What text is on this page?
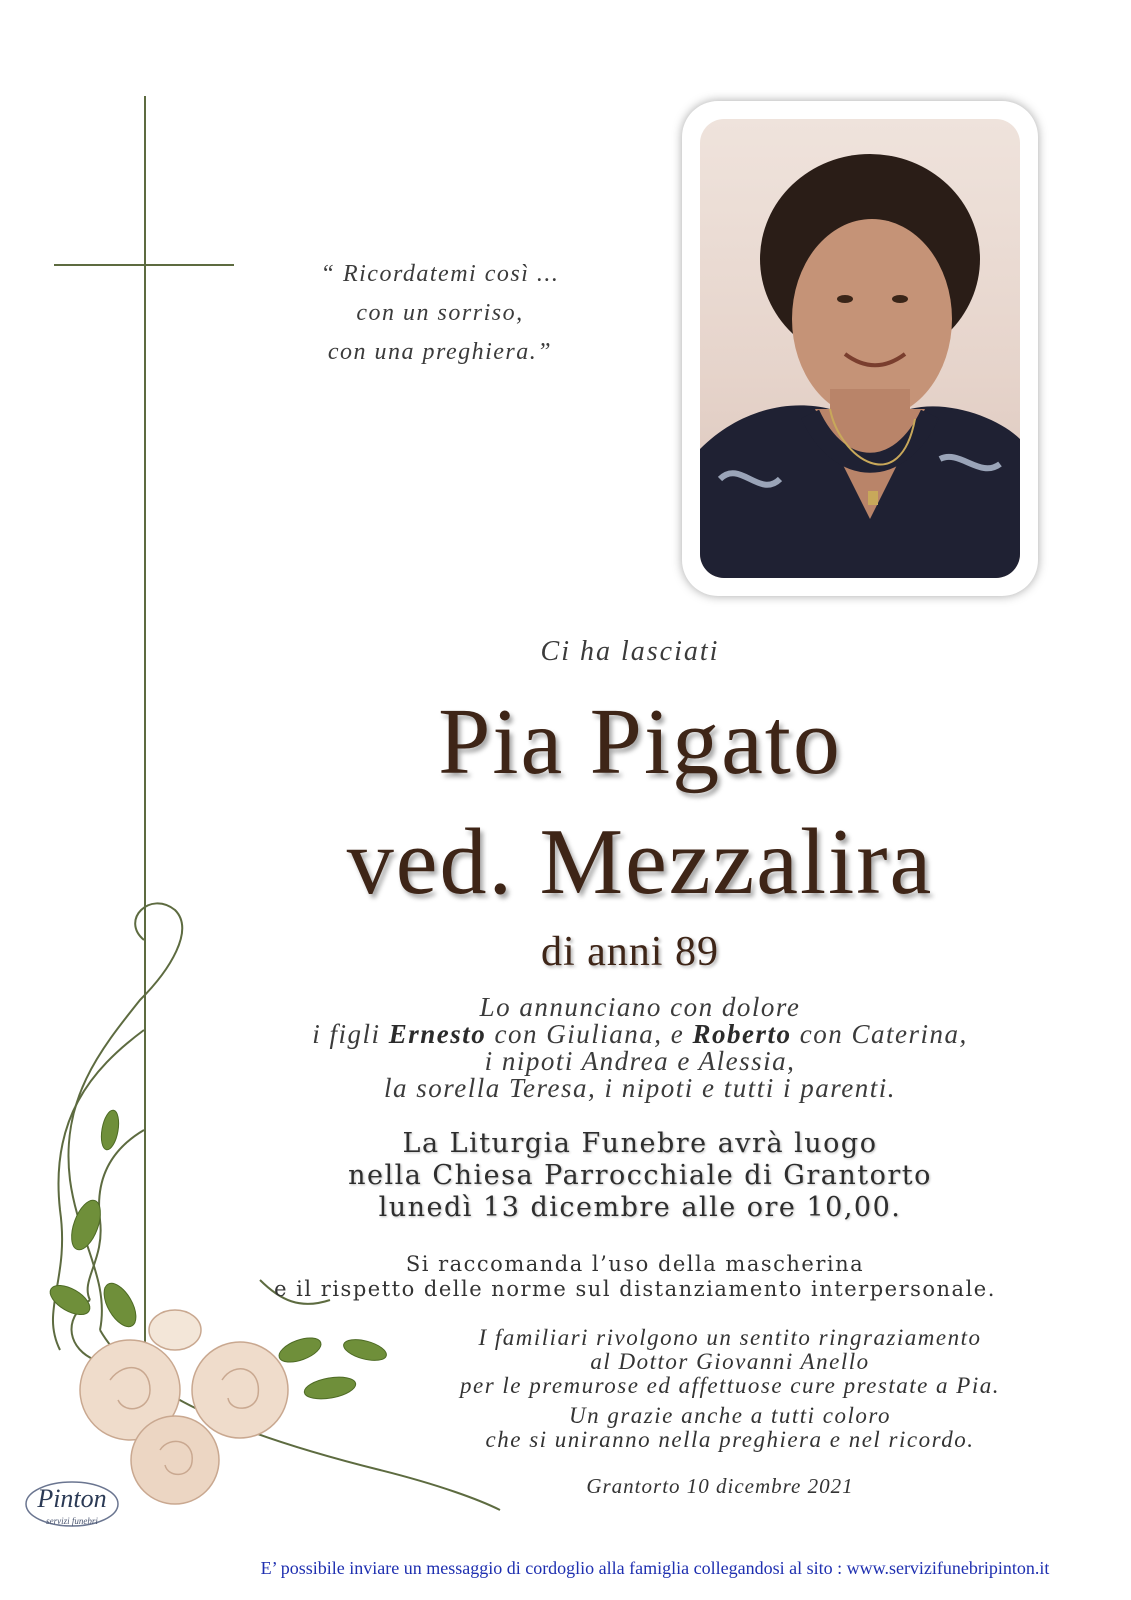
“ Ricordatemi così ...
con un sorriso,
con una preghiera.”
Ci ha lasciati
Pia Pigato
ved. Mezzalira
di anni 89
Lo annunciano con dolore
i figli Ernesto con Giuliana, e Roberto con Caterina,
i nipoti Andrea e Alessia,
la sorella Teresa, i nipoti e tutti i parenti.
La Liturgia Funebre avrà luogo
nella Chiesa Parrocchiale di Grantorto
lunedì 13 dicembre alle ore 10,00.
Si raccomanda l’uso della mascherina
e il rispetto delle norme sul distanziamento interpersonale.
I familiari rivolgono un sentito ringraziamento
al Dottor Giovanni Anello
per le premurose ed affettuose cure prestate a Pia.
Un grazie anche a tutti coloro
che si uniranno nella preghiera e nel ricordo.
Grantorto 10 dicembre 2021
Pinton
servizi funebri
E’ possibile inviare un messaggio di cordoglio alla famiglia collegandosi al sito : www.servizifunebripinton.it
